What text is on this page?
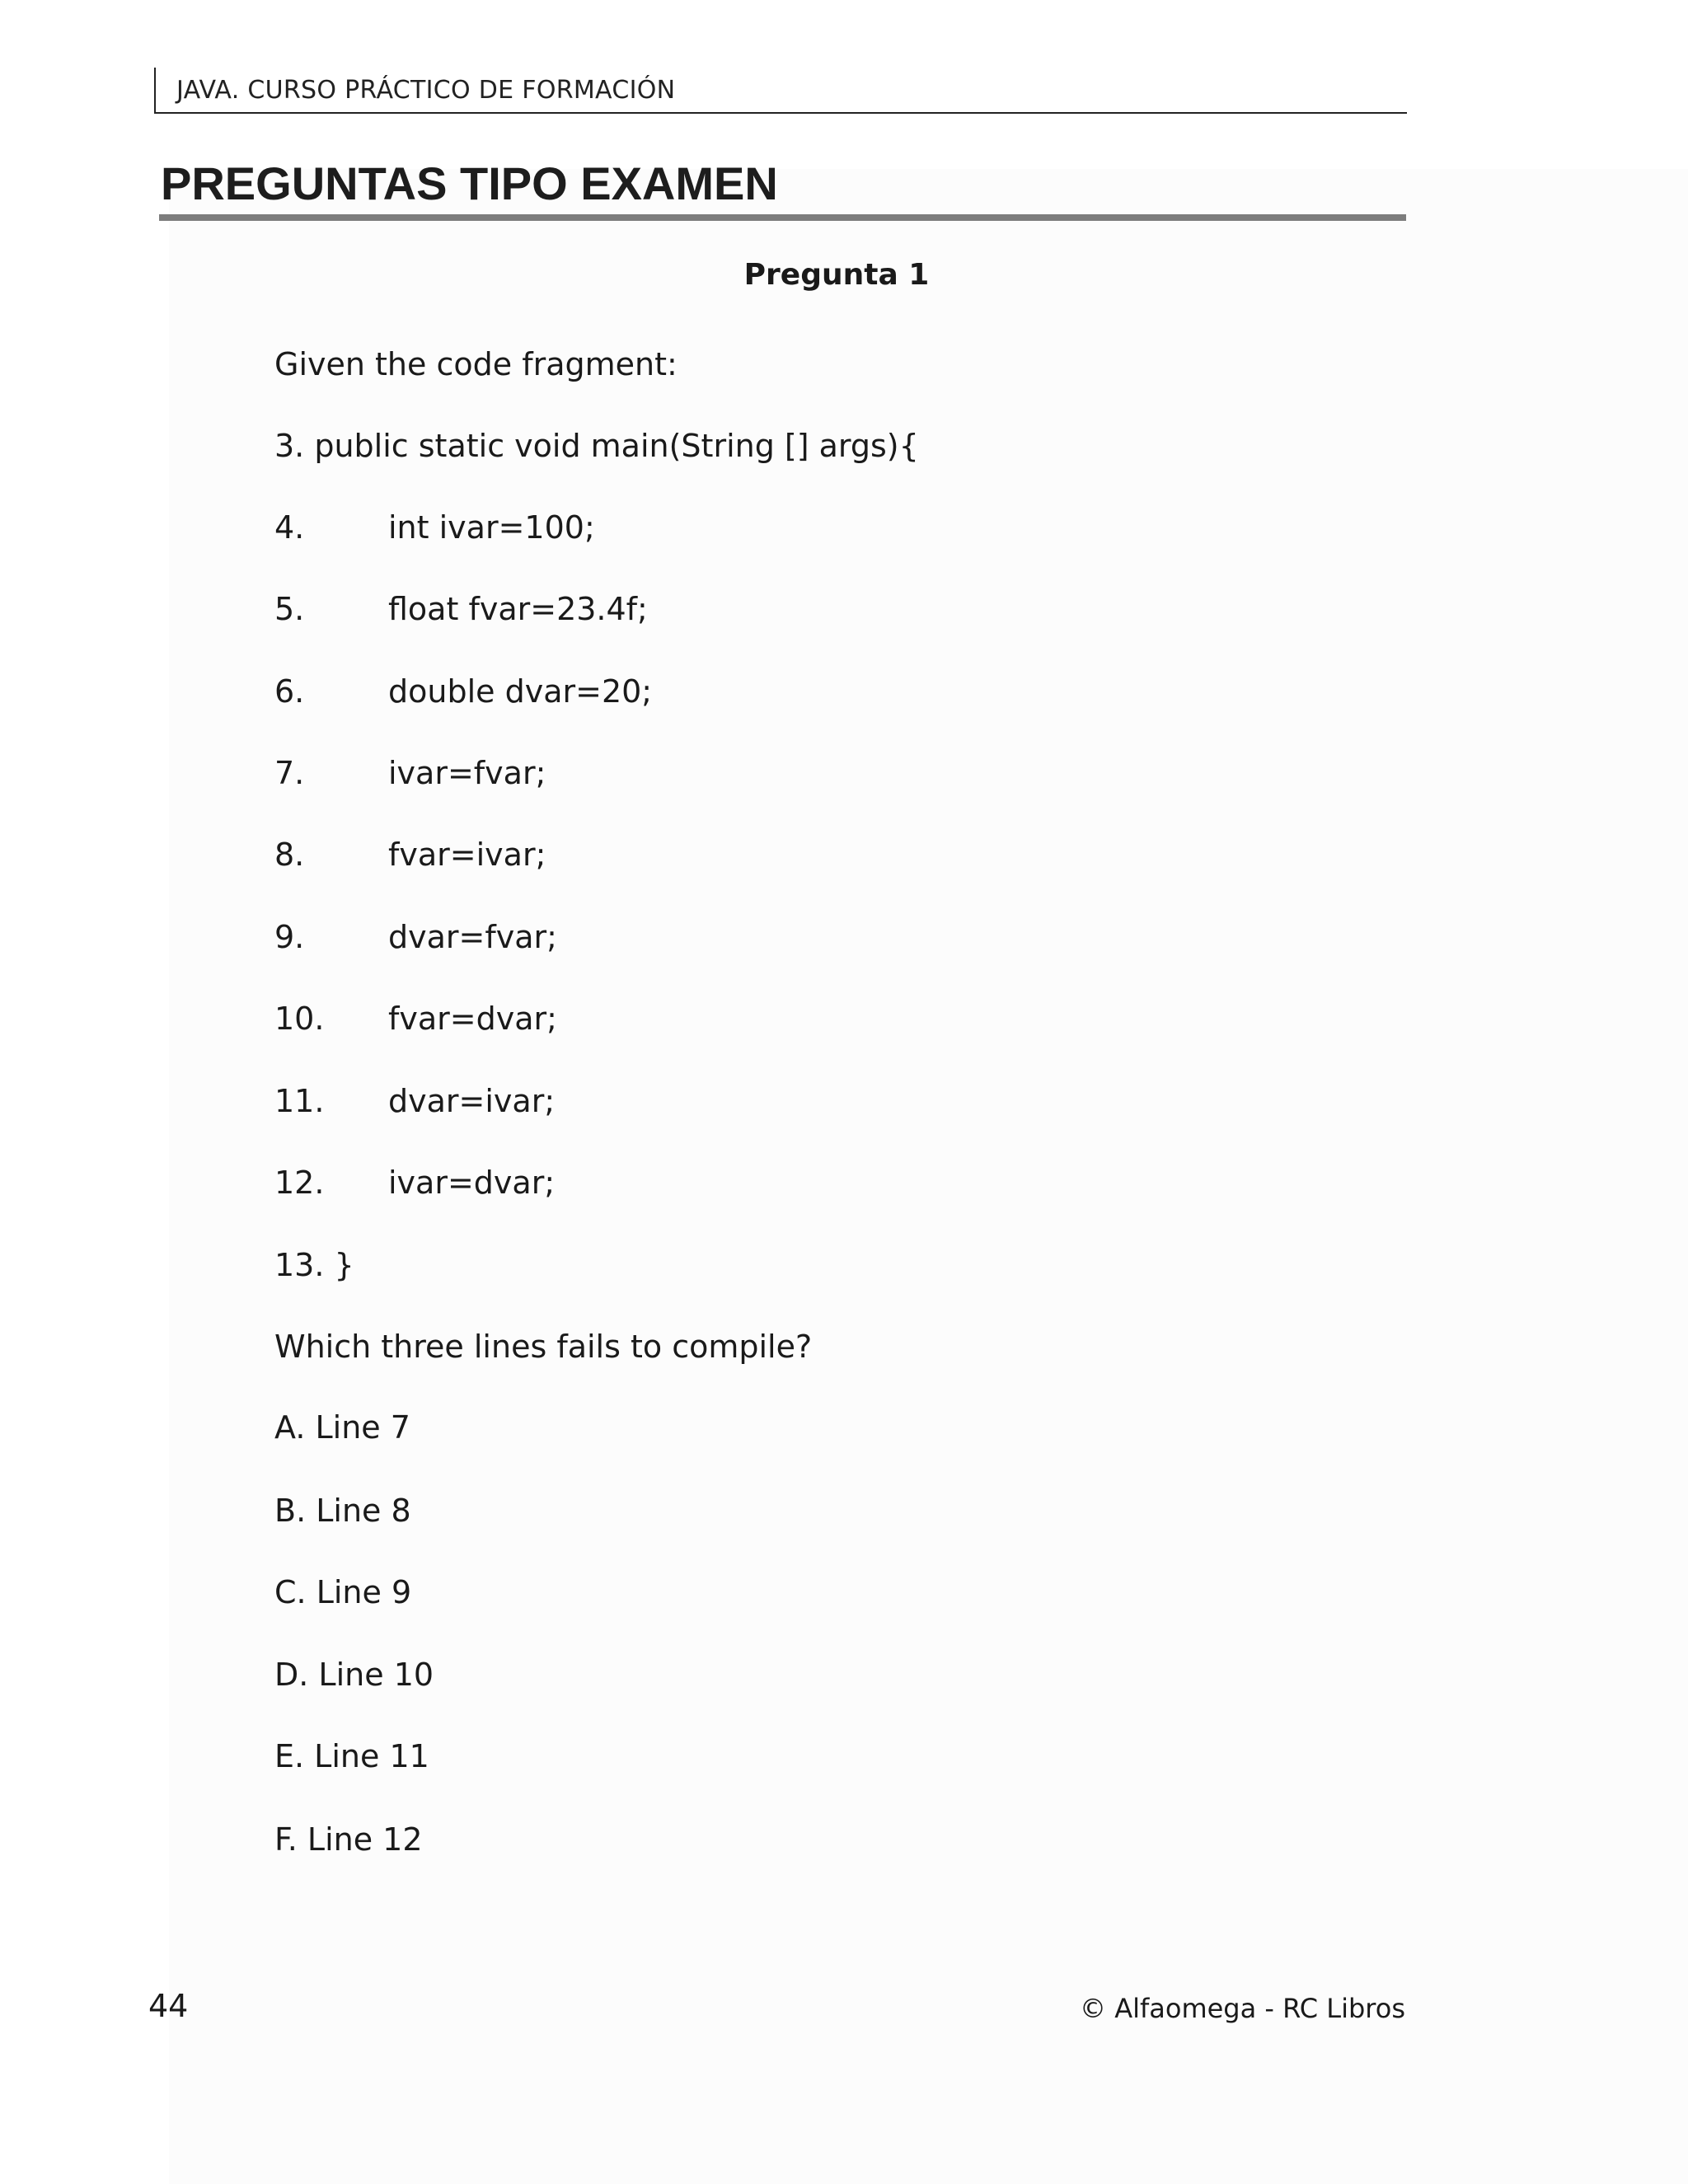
JAVA. CURSO PRÁCTICO DE FORMACIÓN
PREGUNTAS TIPO EXAMEN
Pregunta 1
Given the code fragment:
3. public static void main(String [] args){
4.	int ivar=100;
5.	float fvar=23.4f;
6.	double dvar=20;
7.	ivar=fvar;
8.	fvar=ivar;
9.	dvar=fvar;
10. fvar=dvar;
11. dvar=ivar;
12. ivar=dvar;
13. }
Which three lines fails to compile?
A. Line 7
B. Line 8
C. Line 9
D. Line 10
E. Line 11
F. Line 12
44	© Alfaomega - RC Libros
